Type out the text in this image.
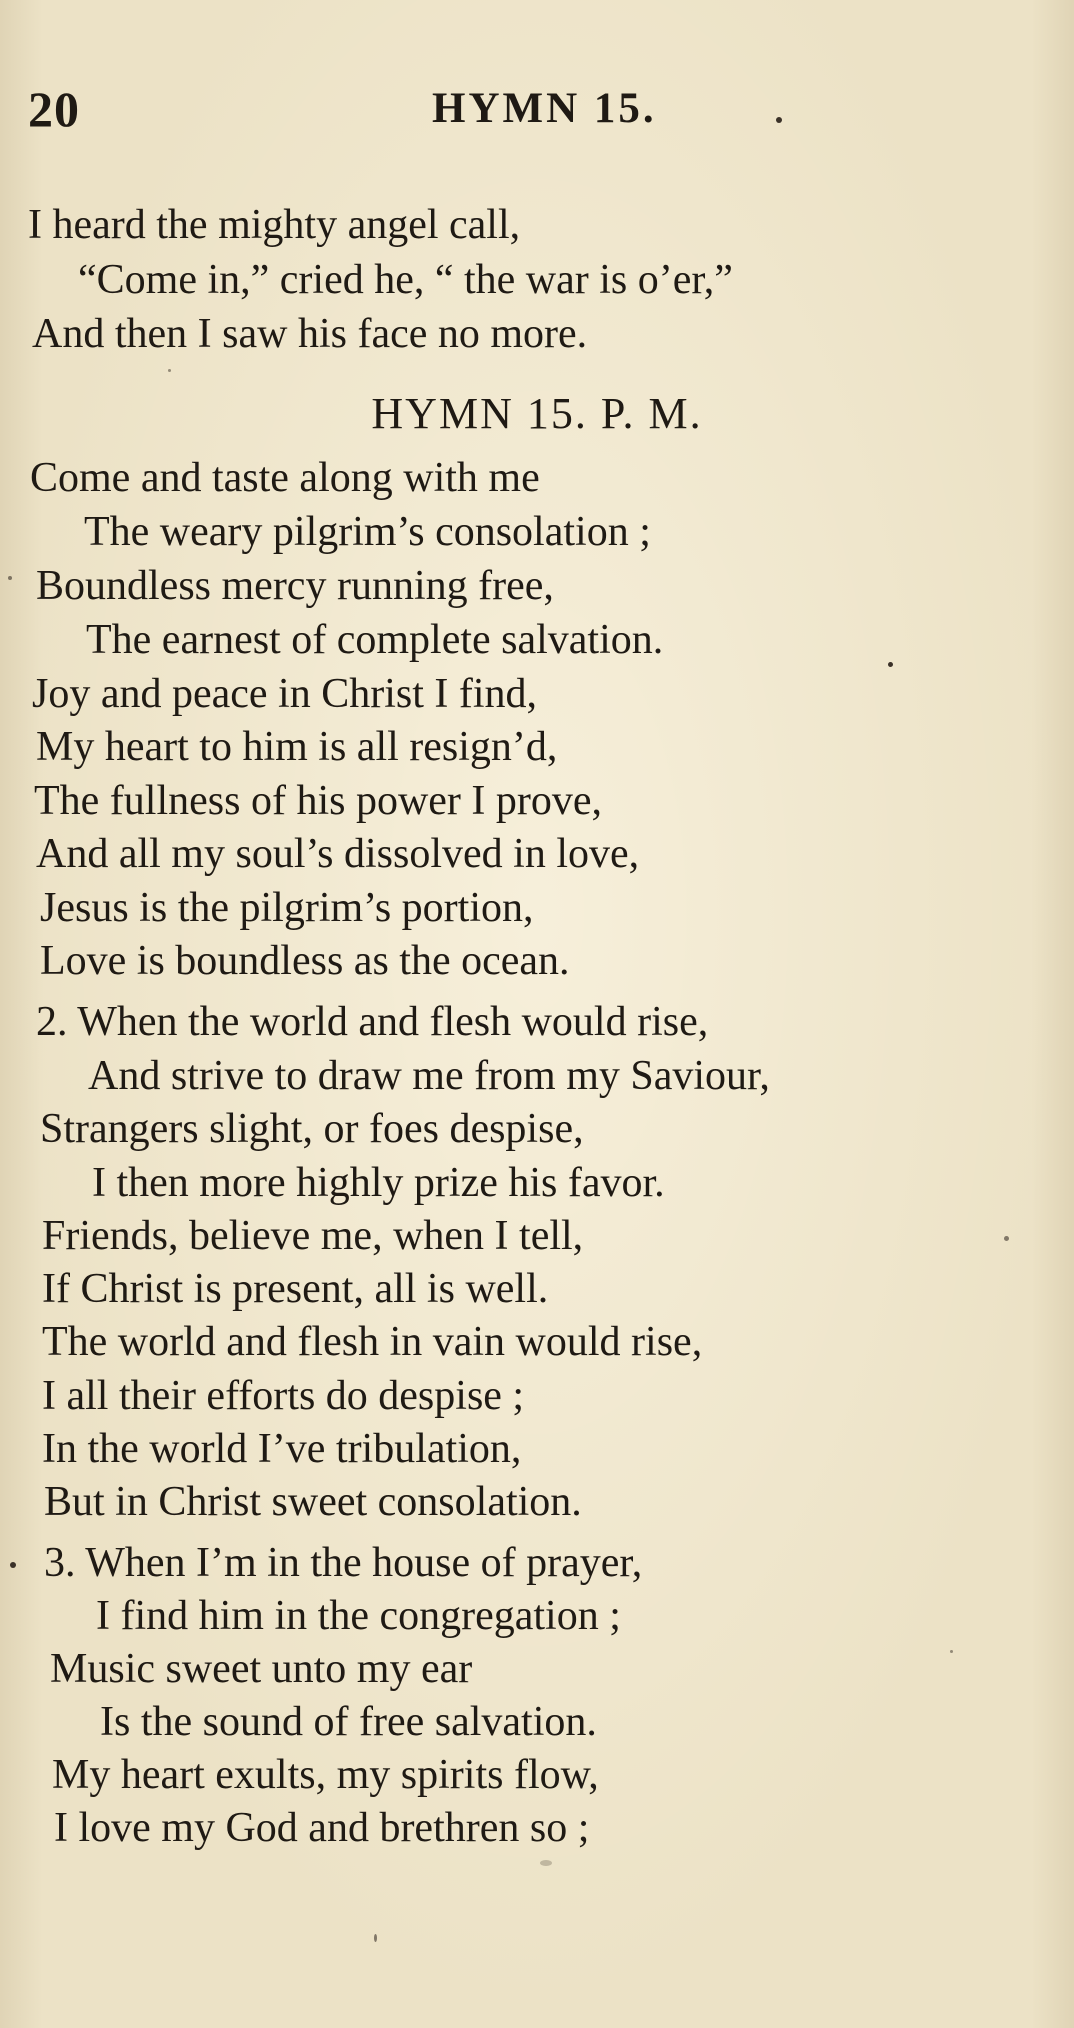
20	HYMN 15.
I heard the mighty angel call,
“Come in,” cried he, “ the war is o’er,”
And then I saw his face no more.
HYMN 15. P. M.
Come and taste along with me
The weary pilgrim’s consolation ;
Boundless mercy running free,
The earnest of complete salvation.
Joy and peace in Christ I find,
My heart to him is all resign’d,
The fullness of his power I prove,
And all my soul’s dissolved in love,
Jesus is the pilgrim’s portion,
Love is boundless as the ocean.
2. When the world and flesh would rise,
And strive to draw me from my Saviour,
Strangers slight, or foes despise,
I then more highly prize his favor.
Friends, believe me, when I tell,
If Christ is present, all is well.
The world and flesh in vain would rise,
I all their efforts do despise ;
In the world I’ve tribulation,
But in Christ sweet consolation.
3. When I’m in the house of prayer,
I find him in the congregation ;
Music sweet unto my ear
Is the sound of free salvation.
My heart exults, my spirits flow,
I love my God and brethren so ;
